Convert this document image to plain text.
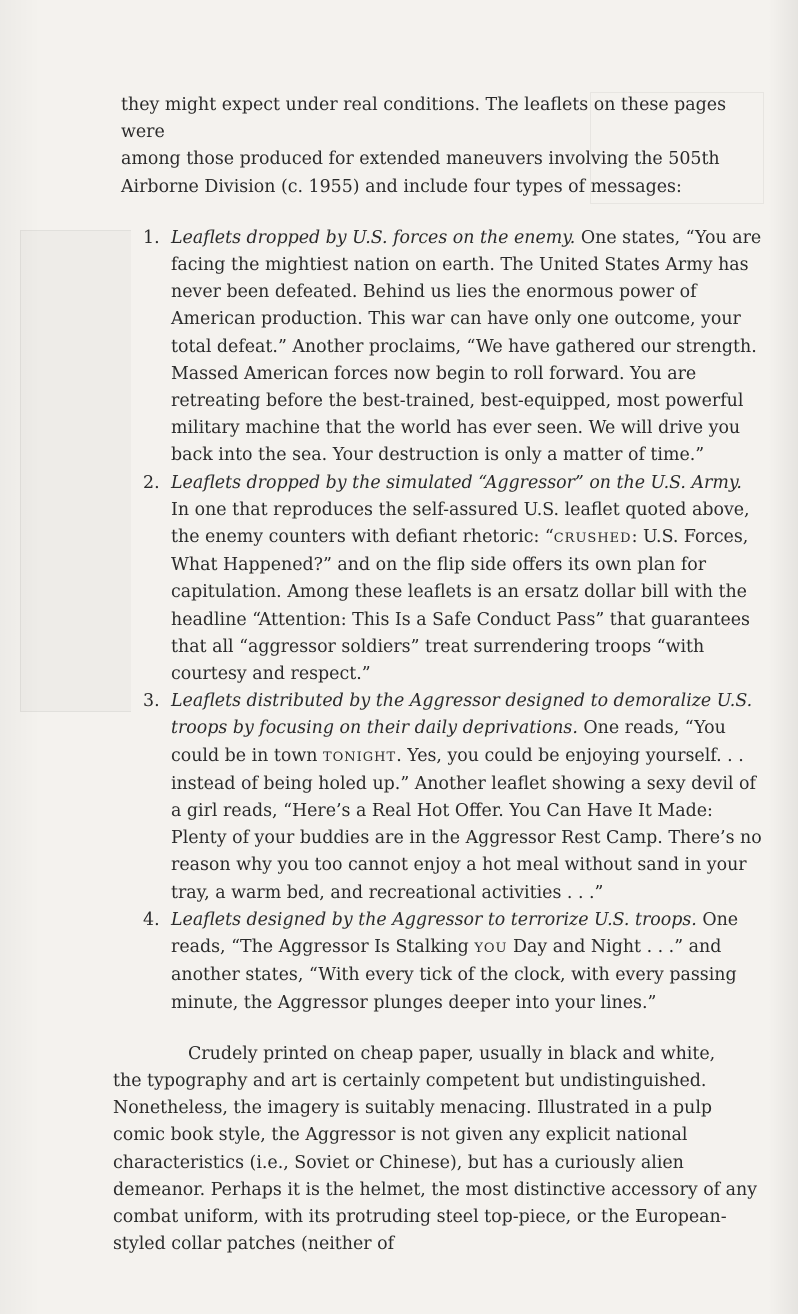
they might expect under real conditions. The leaflets on these pages were
among those produced for extended maneuvers involving the 505th
Airborne Division (c. 1955) and include four types of messages:

1. Leaflets dropped by U.S. forces on the enemy. One states, “You are facing the mightiest nation on earth. The United States Army has never been defeated. Behind us lies the enormous power of American production. This war can have only one outcome, your total defeat.” Another proclaims, “We have gathered our strength. Massed American forces now begin to roll forward. You are retreating before the best-trained, best-equipped, most powerful military machine that the world has ever seen. We will drive you back into the sea. Your destruction is only a matter of time.”
2. Leaflets dropped by the simulated “Aggressor” on the U.S. Army. In one that reproduces the self-assured U.S. leaflet quoted above, the enemy counters with defiant rhetoric: “CRUSHED: U.S. Forces, What Happened?” and on the flip side offers its own plan for capitulation. Among these leaflets is an ersatz dollar bill with the headline “Attention: This Is a Safe Conduct Pass” that guarantees that all “aggressor soldiers” treat surrendering troops “with courtesy and respect.”
3. Leaflets distributed by the Aggressor designed to demoralize U.S. troops by focusing on their daily deprivations. One reads, “You could be in town TONIGHT. Yes, you could be enjoying yourself. . . instead of being holed up.” Another leaflet showing a sexy devil of a girl reads, “Here’s a Real Hot Offer. You Can Have It Made: Plenty of your buddies are in the Aggressor Rest Camp. There’s no reason why you too cannot enjoy a hot meal without sand in your tray, a warm bed, and recreational activities . . .”
4. Leaflets designed by the Aggressor to terrorize U.S. troops. One reads, “The Aggressor Is Stalking YOU Day and Night . . .” and another states, “With every tick of the clock, with every passing minute, the Aggressor plunges deeper into your lines.”

Crudely printed on cheap paper, usually in black and white,
the typography and art is certainly competent but undistinguished. Nonetheless, the imagery is suitably menacing. Illustrated in a pulp comic book style, the Aggressor is not given any explicit national characteristics (i.e., Soviet or Chinese), but has a curiously alien demeanor. Perhaps it is the helmet, the most distinctive accessory of any combat uniform, with its protruding steel top-piece, or the European-styled collar patches (neither of
